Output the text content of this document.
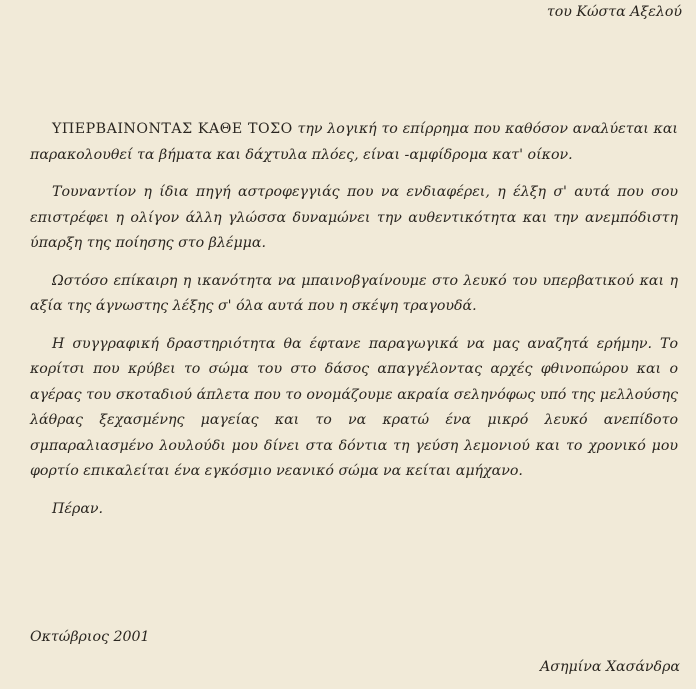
του Κώστα Αξελού

ΥΠΕΡΒΑΙΝΟΝΤΑΣ ΚΑΘΕ ΤΟΣΟ την λογική το επίρρημα που καθόσον αναλύεται και παρακολουθεί τα βήματα και δάχτυλα πλόες, είναι -αμφίδρομα κατ' οίκον.

Τουναντίον η ίδια πηγή αστροφεγγιάς που να ενδιαφέρει, η έλξη σ' αυτά που σου επιστρέφει η ολίγον άλλη γλώσσα δυναμώνει την αυθεντικότητα και την ανεμπόδιστη ύπαρξη της ποίησης στο βλέμμα.

Ωστόσο επίκαιρη η ικανότητα να μπαινοβγαίνουμε στο λευκό του υπερβατικού και η αξία της άγνωστης λέξης σ' όλα αυτά που η σκέψη τραγουδά.

Η συγγραφική δραστηριότητα θα έφτανε παραγωγικά να μας αναζητά ερήμην. Το κορίτσι που κρύβει το σώμα του στο δάσος απαγγέλοντας αρχές φθινοπώρου και ο αγέρας του σκοταδιού άπλετα που το ονομάζουμε ακραία σεληνόφως υπό της μελλούσης λάθρας ξεχασμένης μαγείας και το να κρατώ ένα μικρό λευκό ανεπίδοτο σμπαραλιασμένο λουλούδι μου δίνει στα δόντια τη γεύση λεμονιού και το χρονικό μου φορτίο επικαλείται ένα εγκόσμιο νεανικό σώμα να κείται αμήχανο.

Πέραν.

Οκτώβριος 2001
Ασημίνα Χασάνδρα
